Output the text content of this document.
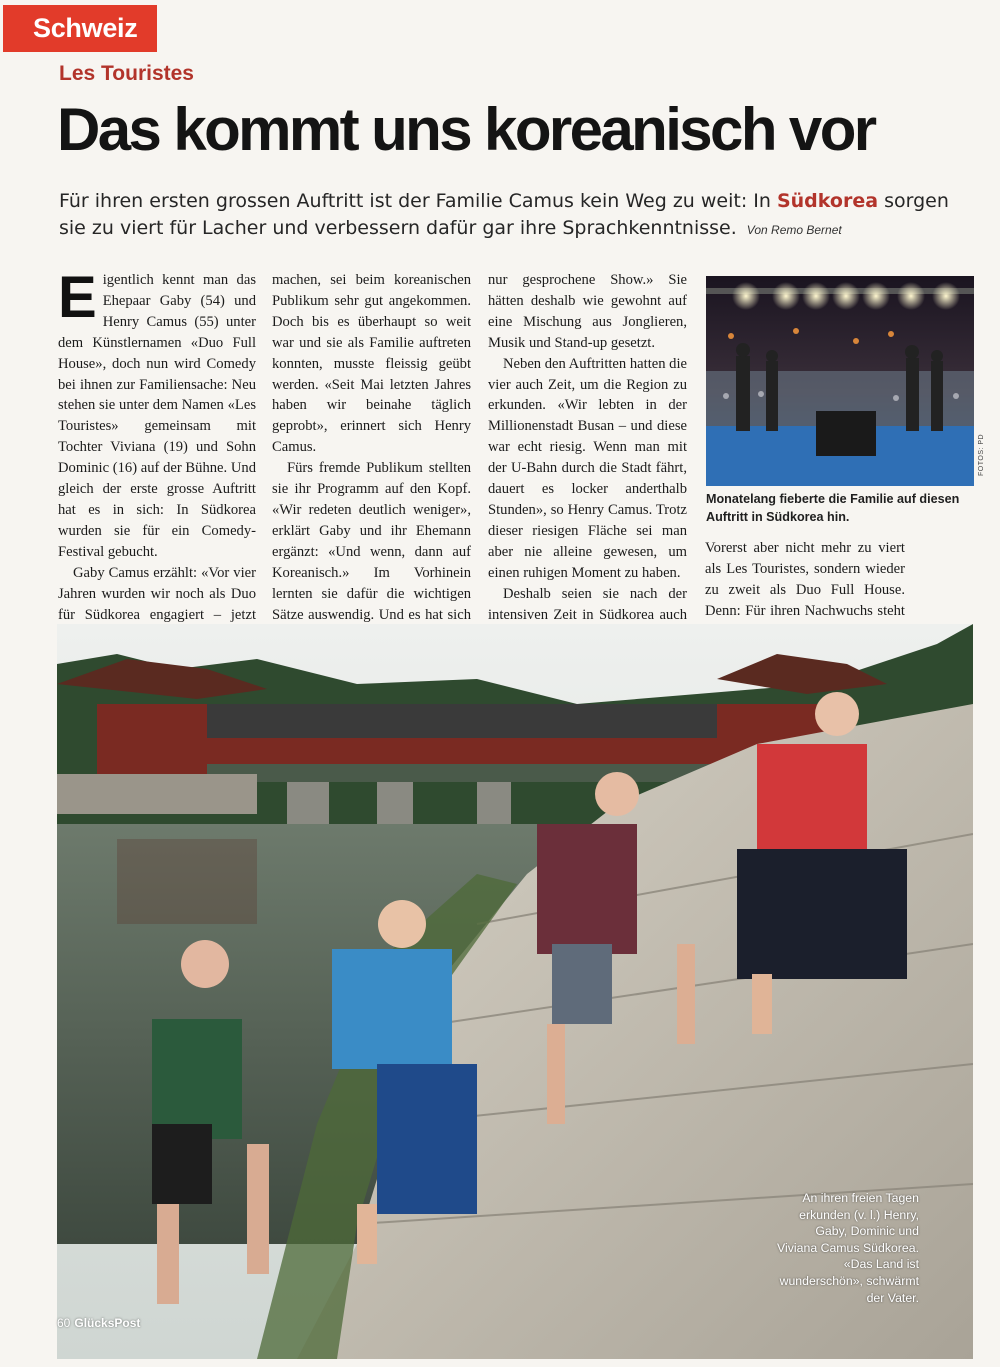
Schweiz
Les Touristes
Das kommt uns koreanisch vor
Für ihren ersten grossen Auftritt ist der Familie Camus kein Weg zu weit: In Südkorea sorgen sie zu viert für Lacher und verbessern dafür gar ihre Sprachkenntnisse. Von Remo Bernet

Eigentlich kennt man das Ehepaar Gaby (54) und Henry Camus (55) unter dem Künstlernamen «Duo Full House», doch nun wird Comedy bei ihnen zur Familiensache: Neu stehen sie unter dem Namen «Les Touristes» gemeinsam mit Tochter Viviana (19) und Sohn Dominic (16) auf der Bühne. Und gleich der erste grosse Auftritt hat es in sich: In Südkorea wurden sie für ein Comedy-Festival gebucht.

Gaby Camus erzählt: «Vor vier Jahren wurden wir noch als Duo für Südkorea engagiert – jetzt

machen, sei beim koreanischen Publikum sehr gut angekommen. Doch bis es überhaupt so weit war und sie als Familie auftreten konnten, musste fleissig geübt werden. «Seit Mai letzten Jahres haben wir beinahe täglich geprobt», erinnert sich Henry Camus.

Fürs fremde Publikum stellten sie ihr Programm auf den Kopf. «Wir redeten deutlich weniger», erklärt Gaby und ihr Ehemann ergänzt: «Und wenn, dann auf Koreanisch.» Im Vorhinein lernten sie dafür die wichtigen Sätze auswendig. Und es hat sich

nur gesprochene Show.» Sie hätten deshalb wie gewohnt auf eine Mischung aus Jonglieren, Musik und Stand-up gesetzt.

Neben den Auftritten hatten die vier auch Zeit, um die Region zu erkunden. «Wir lebten in der Millionenstadt Busan – und diese war echt riesig. Wenn man mit der U-Bahn durch die Stadt fährt, dauert es locker anderthalb Stunden», so Henry Camus. Trotz dieser riesigen Fläche sei man aber nie alleine gewesen, um einen ruhigen Moment zu haben.

Deshalb seien sie nach der intensiven Zeit in Südkorea auch

FOTOS: PD
Monatelang fieberte die Familie auf diesen Auftritt in Südkorea hin.

Vorerst aber nicht mehr zu viert als Les Touristes, sondern wieder zu zweit als Duo Full House. Denn: Für ihren Nachwuchs steht

An ihren freien Tagen erkunden (v. l.) Henry, Gaby, Dominic und Viviana Camus Südkorea. «Das Land ist wunderschön», schwärmt der Vater.
60 GlücksPost
